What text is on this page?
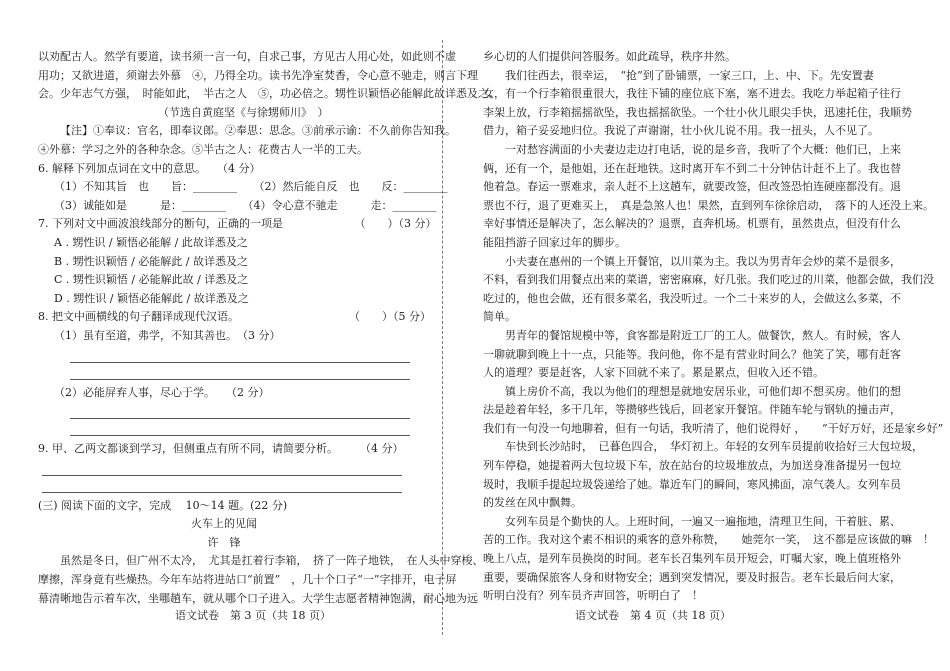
以劝配古人。然学有要道，读书须一言一句，自求己事，方见古人用心处，如此则不虚

用功；又欲进道，须谢去外慕　④，乃得全功。读书先净室焚香，令心意不驰走，则言下理

会。少年志气方强，　时能如此，　半古之人　⑤，功必倍之。甥性识颖悟必能解此故详悉及之。

（节选自黄庭坚《与徐甥师川》　）

【注】①奉议：官名，即奉议郎。②奉思：思念。③前承示谕：不久前你告知我。

④外慕：学习之外的各种杂念。⑤半古之人：花费古人一半的工夫。

6. 解释下列加点词在文中的意思。　　（4 分）

（1）不知其旨　也　　旨：________　　（2）然后能自反　也　　反：________

（3）诚能如是　　　是：________　　（4）令心意不驰走　　　走：________

7. 下列对文中画波浪线部分的断句，正确的一项是　　　　　　　（　　）（3 分）

A . 甥性识 / 颖悟必能解 / 此故详悉及之

B . 甥性识颖悟 / 必能解此 / 故详悉及之

C . 甥性识颖悟 / 必能解此故 / 详悉及之

D . 甥性识 / 颖悟必能解此 / 故详悉及之

8. 把文中画横线的句子翻译成现代汉语。　　　　　　　　　　　（　　）（5 分）

（1）虽有至道，弗学，不知其善也。　（3 分）

（2）必能屏弃人事，尽心于学。　　（2 分）

9. 甲、乙两文都谈到学习，但侧重点有所不同，请简要分析。　　　（4 分）

(三) 阅读下面的文字，完成　 10～14 题。(22 分)

火车上的见闻

许　锋

虽然是冬日，但广州不太冷，　尤其是扛着行李箱，　挤了一阵子地铁，　在人头中穿梭、

摩擦，浑身竟有些燥热。今年车站将进站口“前置”　，几十个口子“一”字排开，电子屏

幕清晰地告示着车次，坐哪趟车，就从哪个口子进入。大学生志愿者精神饱满，耐心地为远

乡心切的人们提供问答服务。如此疏导，秩序井然。

我们往西去，很幸运，　“抢”到了卧铺票，一家三口，上、中、下。先安置妻

女，有一个行李箱很重很大，我往下铺的座位底下塞，塞不进去。我吃力举起箱子往行

李架上放，行李箱摇摇欲坠，我也摇摇欲坠。一个壮小伙儿眼尖手快，迅速托住，我顺势

借力，箱子妥妥地归位。我说了声谢谢，壮小伙儿说不用。我一扭头，人不见了。

一对愁容满面的小夫妻边走边打电话，说的是乡音，我听了个大概：他们已，上来

俩，还有一个，是他姐，还在赶地铁。这时离开车不到二十分钟估计赶不上了。我也替

他着急。春运一票难求，亲人赶不上这趟车，就要改签，但改签恐怕连硬座都没有。退

票也不行，退了更难买上，　真是急煞人也！果然，直到列车徐徐启动，　落下的人还没上来。

幸好事情还是解决了，怎么解决的？退票，直奔机场。机票有，虽然贵点，但没有什么

能阻挡游子回家过年的脚步。

小夫妻在惠州的一个镇上开餐馆，以川菜为主。我以为男青年会炒的菜不是很多，

不料，看到我们用餐点出来的菜谱，密密麻麻，好几张。我们吃过的川菜，他都会做，我们没

吃过的，他也会做，还有很多菜名，我没听过。一个二十来岁的人，会做这么多菜，不

简单。

男青年的餐馆规模中等，食客都是附近工厂的工人。做餐饮，熬人。有时候，客人

一聊就聊到晚上十一点，只能等。我问他，你不是有营业时间么？他笑了笑，哪有赶客

人的道理？要是赶客，人家下回就不来了。累是累点，但收入还不错。

镇上房价不高，我以为他们的理想是就地安居乐业，可他们却不想买房。他们的想

法是趁着年轻，多干几年，等攒够些钱后，回老家开餐馆。伴随车轮与钢轨的撞击声，

我们有一句没一句地聊着，但有一句话，我听清了，他们说得好 ，　　“干好万好，还是家乡好”

车快到长沙站时，　已暮色四合，　华灯初上。年轻的女列车员提前收拾好三大包垃圾，

列车停稳，她提着两大包垃圾下车，放在站台的垃圾堆放点，为加送身准备提另一包垃

圾时，我顺手提起垃圾袋递给了她。靠近车门的瞬间，寒风拂面，凉气袭人。女列车员

的发丝在风中飘舞。

女列车员是个勤快的人。上班时间，一遍又一遍拖地，清理卫生间，干着脏、累、

苦的工作。我对这个素不相识的乘客的意外称赞，　　她莞尔一笑，　这不都是应该做的嘛　！

晚上八点，是列车员换岗的时间。老车长召集列车员开短会，叮嘱大家，晚上值班格外

重要，要确保旅客人身和财物安全；遇到突发情况，要及时报告。老车长最后问大家，

听明白没有？列车员齐声回答，听明白了　！

语文试卷　第 3 页（共 18 页）	语文试卷　第 4 页（共 18 页）
